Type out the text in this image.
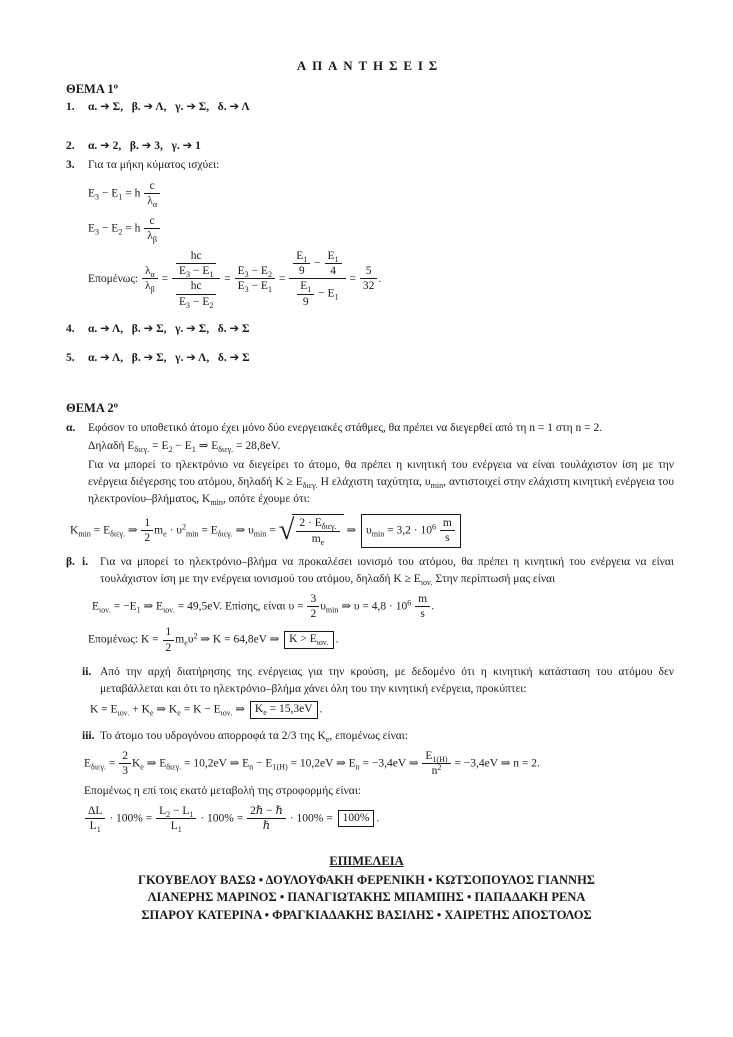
ΑΠΑΝΤΗΣΕΙΣ
ΘΕΜΑ $1^o$
1.	α. ➔ Σ,   β. ➔ Λ,   γ. ➔ Σ,   δ. ➔ Λ
2.	α. ➔ 2,   β. ➔ 3,   γ. ➔ 1
3.	Για τα μήκη κύματος ισχύει:
$E_3 - E_1 = h \frac{c}{\lambda_\alpha}$
$E_3 - E_2 = h \frac{c}{\lambda_\beta}$
Επομένως: $\frac{\lambda_\alpha}{\lambda_\beta} = \frac{\frac{hc}{E_3 - E_1}}{\frac{hc}{E_3 - E_2}} = \frac{E_3 - E_2}{E_3 - E_1} = \frac{\frac{E_1}{9} - \frac{E_1}{4}}{\frac{E_1}{9} - E_1} = \frac{5}{32}$ .
4.	α. ➔ Λ,   β. ➔ Σ,   γ. ➔ Σ,   δ. ➔ Σ
5.	α. ➔ Λ,   β. ➔ Σ,   γ. ➔ Λ,   δ. ➔ Σ
ΘΕΜΑ $2^o$
α.	Εφόσον το υποθετικό άτομο έχει μόνο δύο ενεργειακές στάθμες, θα πρέπει να διεγερθεί από τη n = 1 στη n = 2.
Δηλαδή $E_{\delta\iota\varepsilon\gamma.} = E_2 - E_1$ ⇒ $E_{\delta\iota\varepsilon\gamma.} = 28,8eV$.
Για να μπορεί το ηλεκτρόνιο να διεγείρει το άτομο, θα πρέπει η κινητική του ενέργεια να είναι τουλάχιστον ίση με την ενέργεια διέγερσης του ατόμου, δηλαδή $K \ge E_{\delta\iota\varepsilon\gamma.}$ Η ελάχιστη ταχύτητα, $\upsilon_{min}$, αντιστοιχεί στην ελάχιστη κινητική ενέργεια του ηλεκτρονίου–βλήματος, $K_{min}$, οπότε έχουμε ότι:
$K_{min} = E_{\delta\iota\varepsilon\gamma.}$ ⇒ $\frac{1}{2} m_e \cdot \upsilon^2_{min} = E_{\delta\iota\varepsilon\gamma.}$ ⇒ $\upsilon_{min}$ = √ $\frac{2 \cdot E_{\delta\iota\varepsilon\gamma.}}{m_e}$ ⇒ $\upsilon_{min} = 3,2 \cdot 10^6 \frac{m}{s}$
β. i.	Για να μπορεί το ηλεκτρόνιο–βλήμα να προκαλέσει ιονισμό του ατόμου, θα πρέπει η κινητική του ενέργεια να είναι τουλάχιστον ίση με την ενέργεια ιονισμού του ατόμου, δηλαδή $K \ge E_{\iota o\nu.}$ Στην περίπτωσή μας είναι
$E_{\iota o\nu.} = -E_1$ ⇒ $E_{\iota o\nu.} = 49,5eV$. Επίσης, είναι $\upsilon = \frac{3}{2} \upsilon_{min}$ ⇒ $\upsilon = 4,8 \cdot 10^6 \frac{m}{s}$ .
Επομένως: $K = \frac{1}{2} m_e\upsilon^2$ ⇒ K = 64,8eV ⇒ $K > E_{\iota o\nu.}$ .
ii. Από την αρχή διατήρησης της ενέργειας για την κρούση, με δεδομένο ότι η κινητική κατάσταση του ατόμου δεν μεταβάλλεται και ότι το ηλεκτρόνιο–βλήμα χάνει όλη του την κινητική ενέργεια, προκύπτει:
$K = E_{\iota o\nu.} + K_e$ ⇒ $K_e = K - E_{\iota o\nu.}$ ⇒ $K_e = 15,3eV$ .
iii. Το άτομο του υδρογόνου απορροφά τα 2/3 της $K_e$, επομένως είναι:
$E_{\delta\iota\varepsilon\gamma.} = \frac{2}{3} K_e$ ⇒ $E_{\delta\iota\varepsilon\gamma.} = 10,2eV$ ⇒ $E_n - E_{1(H)} = 10,2eV$ ⇒ $E_n = -3,4eV$ ⇒ $\frac{E_{1(H)}}{n^2} = -3,4eV$ ⇒ n = 2.
Επομένως η επί τοις εκατό μεταβολή της στροφορμής είναι:
$\frac{\Delta L}{L_1} \cdot 100\% = \frac{L_2 - L_1}{L_1} \cdot 100\% = \frac{\text{2ℏ − ℏ}}{\text{ℏ}} \cdot 100\% = 100\%$ .
ΕΠΙΜΕΛΕΙΑ
ΓΚΟΥΒΕΛΟΥ ΒΑΣΩ • ΔΟΥΛΟΥΦΑΚΗ ΦΕΡΕΝΙΚΗ • ΚΩΤΣΟΠΟΥΛΟΣ ΓΙΑΝΝΗΣ
ΛΙΑΝΕΡΗΣ ΜΑΡΙΝΟΣ • ΠΑΝΑΓΙΩΤΑΚΗΣ ΜΠΑΜΠΗΣ • ΠΑΠΑΔΑΚΗ ΡΕΝΑ
ΣΠΑΡΟΥ ΚΑΤΕΡΙΝΑ • ΦΡΑΓΚΙΑΔΑΚΗΣ ΒΑΣΙΛΗΣ • ΧΑΙΡΕΤΗΣ ΑΠΟΣΤΟΛΟΣ
